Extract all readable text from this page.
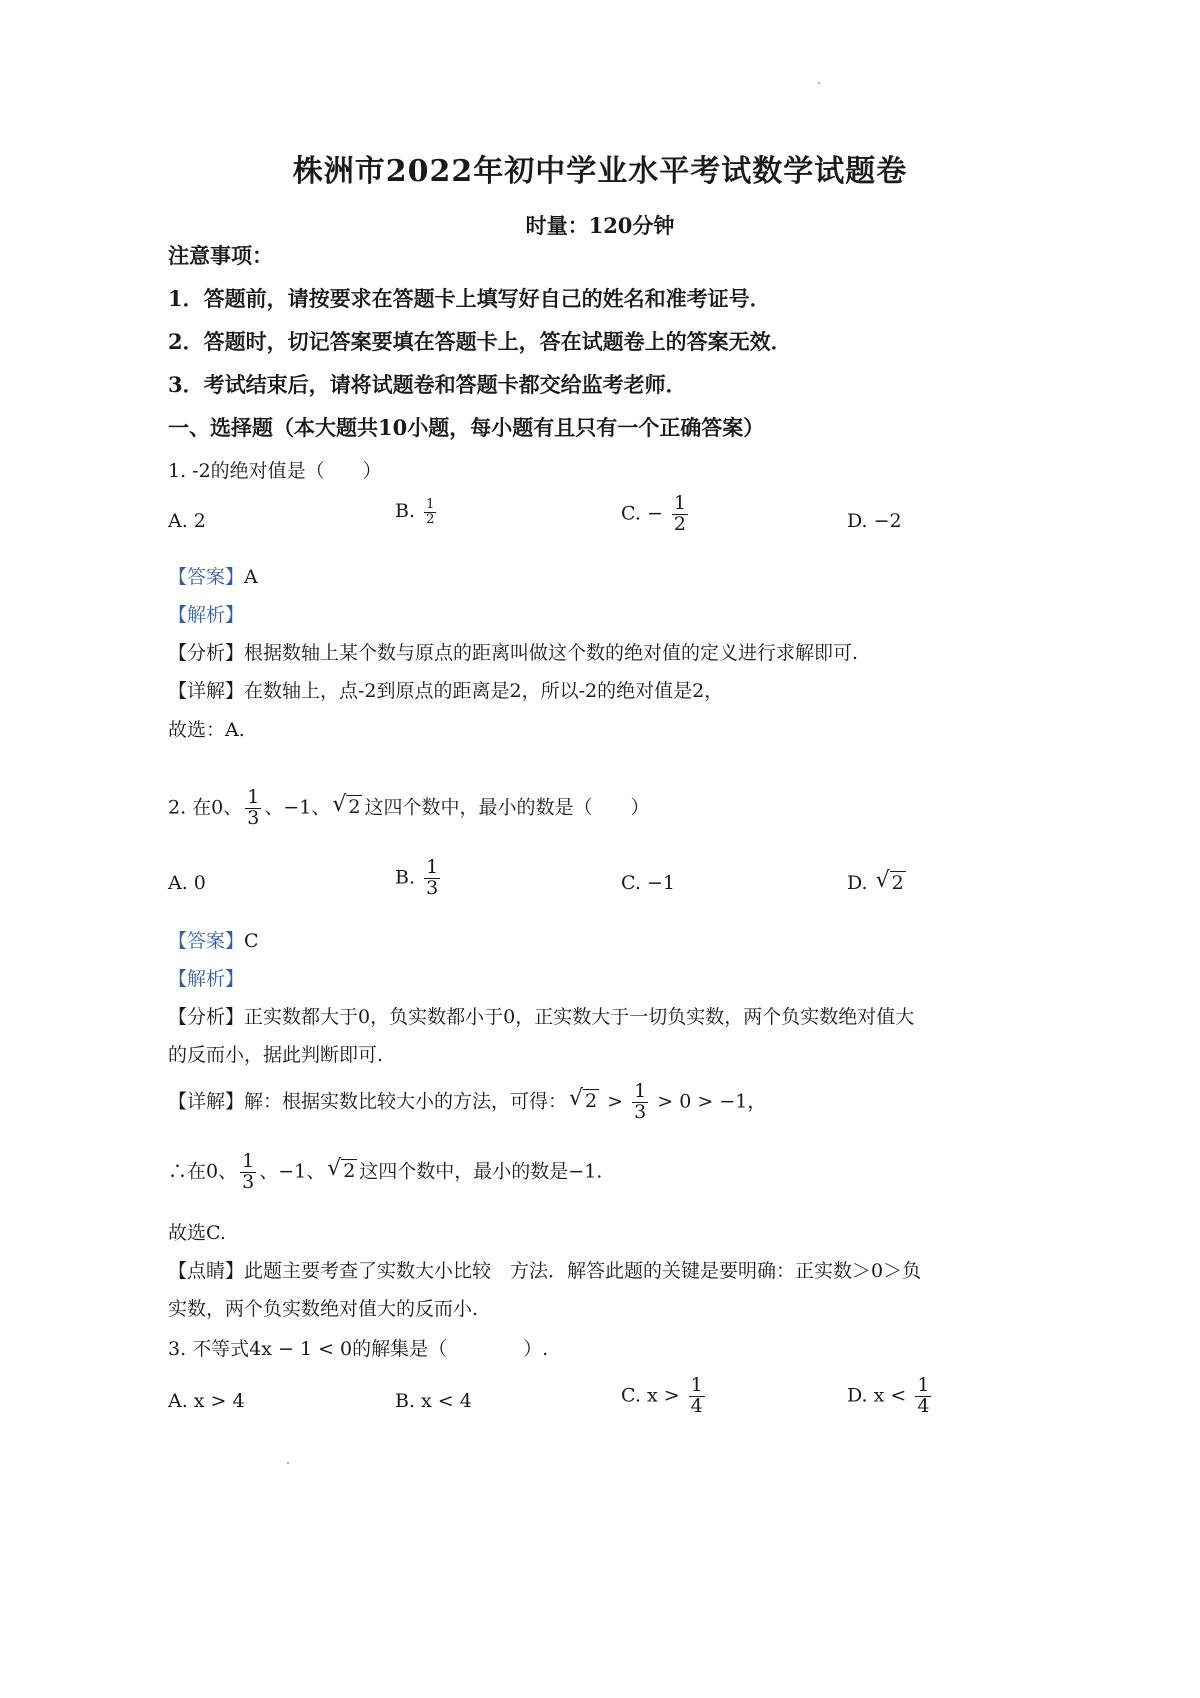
株洲市2022年初中学业水平考试数学试题卷
时量：120分钟
注意事项：
1．答题前，请按要求在答题卡上填写好自己的姓名和准考证号．
2．答题时，切记答案要填在答题卡上，答在试题卷上的答案无效．
3．考试结束后，请将试题卷和答题卡都交给监考老师．
一、选择题（本大题共10小题，每小题有且只有一个正确答案）
1. -2的绝对值是（　　）
A. 2	B. $\frac{1}{2}$	C. − $\frac{1}{2}$	D. −2
【答案】A
【解析】
【分析】根据数轴上某个数与原点的距离叫做这个数的绝对值的定义进行求解即可.
【详解】在数轴上，点-2到原点的距离是2，所以-2的绝对值是2，
故选：A.
2. 在0、 $\frac{1}{3}$ 、−1、 √ 2 这四个数中，最小的数是（　　）
A. 0	B. $\frac{1}{3}$	C. −1	D. √ 2
【答案】C
【解析】
【分析】正实数都大于0，负实数都小于0，正实数大于一切负实数，两个负实数绝对值大
的反而小，据此判断即可.
【详解】解：根据实数比较大小的方法，可得： √ $2 > \frac{1}{3} > 0 > -1$，
∴在0、 $\frac{1}{3}$ 、−1、 √ 2 这四个数中，最小的数是−1.
故选C.
【点睛】此题主要考查了实数大小比较　方法．解答此题的关键是要明确：正实数＞0＞负
实数，两个负实数绝对值大的反而小.
3. 不等式4x − 1 < 0的解集是（　　　　）.
A. x > 4	B. x < 4	C. $x > \frac{1}{4}$	D. $x < \frac{1}{4}$
